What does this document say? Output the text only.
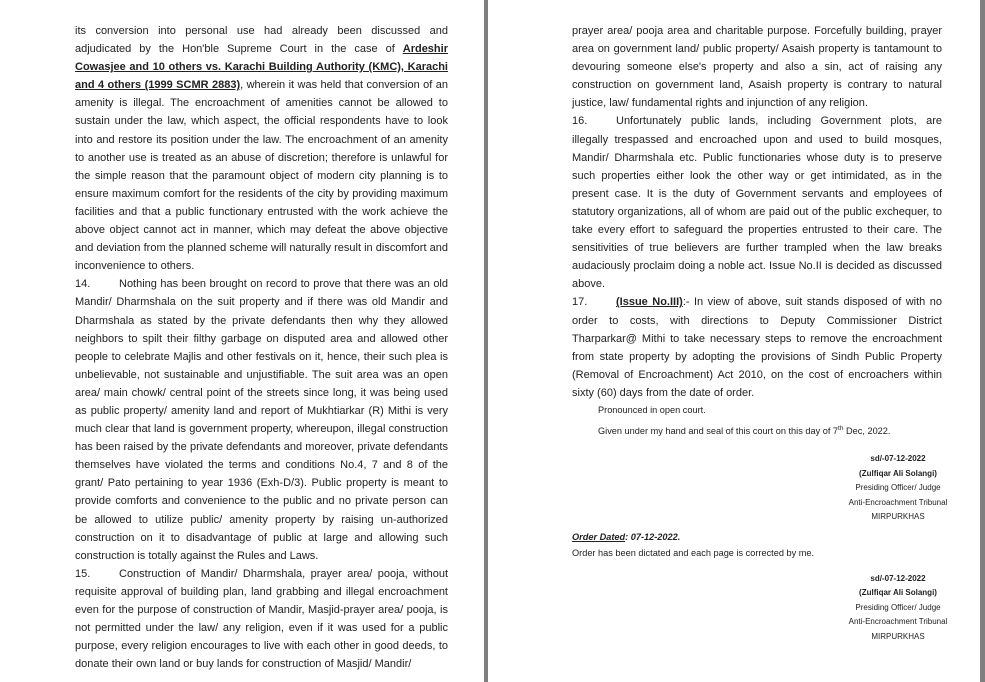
its conversion into personal use had already been discussed and adjudicated by the Hon'ble Supreme Court in the case of Ardeshir Cowasjee and 10 others vs. Karachi Building Authority (KMC), Karachi and 4 others (1999 SCMR 2883), wherein it was held that conversion of an amenity is illegal. The encroachment of amenities cannot be allowed to sustain under the law, which aspect, the official respondents have to look into and restore its position under the law. The encroachment of an amenity to another use is treated as an abuse of discretion; therefore is unlawful for the simple reason that the paramount object of modern city planning is to ensure maximum comfort for the residents of the city by providing maximum facilities and that a public functionary entrusted with the work achieve the above object cannot act in manner, which may defeat the above objective and deviation from the planned scheme will naturally result in discomfort and inconvenience to others.

14.	Nothing has been brought on record to prove that there was an old Mandir/ Dharmshala on the suit property and if there was old Mandir and Dharmshala as stated by the private defendants then why they allowed neighbors to spilt their filthy garbage on disputed area and allowed other people to celebrate Majlis and other festivals on it, hence, their such plea is unbelievable, not sustainable and unjustifiable. The suit area was an open area/ main chowk/ central point of the streets since long, it was being used as public property/ amenity land and report of Mukhtiarkar (R) Mithi is very much clear that land is government property, whereupon, illegal construction has been raised by the private defendants and moreover, private defendants themselves have violated the terms and conditions No.4, 7 and 8 of the grant/ Pato pertaining to year 1936 (Exh-D/3). Public property is meant to provide comforts and convenience to the public and no private person can be allowed to utilize public/ amenity property by raising un-authorized construction on it to disadvantage of public at large and allowing such construction is totally against the Rules and Laws.

15.	Construction of Mandir/ Dharmshala, prayer area/ pooja, without requisite approval of building plan, land grabbing and illegal encroachment even for the purpose of construction of Mandir, Masjid-prayer area/ pooja, is not permitted under the law/ any religion, even if it was used for a public purpose, every religion encourages to live with each other in good deeds, to donate their own land or buy lands for construction of Masjid/ Mandir/

prayer area/ pooja area and charitable purpose. Forcefully building, prayer area on government land/ public property/ Asaish property is tantamount to devouring someone else's property and also a sin, act of raising any construction on government land, Asaish property is contrary to natural justice, law/ fundamental rights and injunction of any religion.

16.	Unfortunately public lands, including Government plots, are illegally trespassed and encroached upon and used to build mosques, Mandir/ Dharmshala etc. Public functionaries whose duty is to preserve such properties either look the other way or get intimidated, as in the present case. It is the duty of Government servants and employees of statutory organizations, all of whom are paid out of the public exchequer, to take every effort to safeguard the properties entrusted to their care. The sensitivities of true believers are further trampled when the law breaks audaciously proclaim doing a noble act. Issue No.II is decided as discussed above.

17.	(Issue No.III):- In view of above, suit stands disposed of with no order to costs, with directions to Deputy Commissioner District Tharparkar@ Mithi to take necessary steps to remove the encroachment from state property by adopting the provisions of Sindh Public Property (Removal of Encroachment) Act 2010, on the cost of encroachers within sixty (60) days from the date of order.

Pronounced in open court.

Given under my hand and seal of this court on this day of 7th Dec, 2022.

sd/-07-12-2022
(Zulfiqar Ali Solangi)
Presiding Officer/ Judge
Anti-Encroachment Tribunal
MIRPURKHAS

Order Dated: 07-12-2022.

Order has been dictated and each page is corrected by me.

sd/-07-12-2022
(Zulfiqar Ali Solangi)
Presiding Officer/ Judge
Anti-Encroachment Tribunal
MIRPURKHAS
